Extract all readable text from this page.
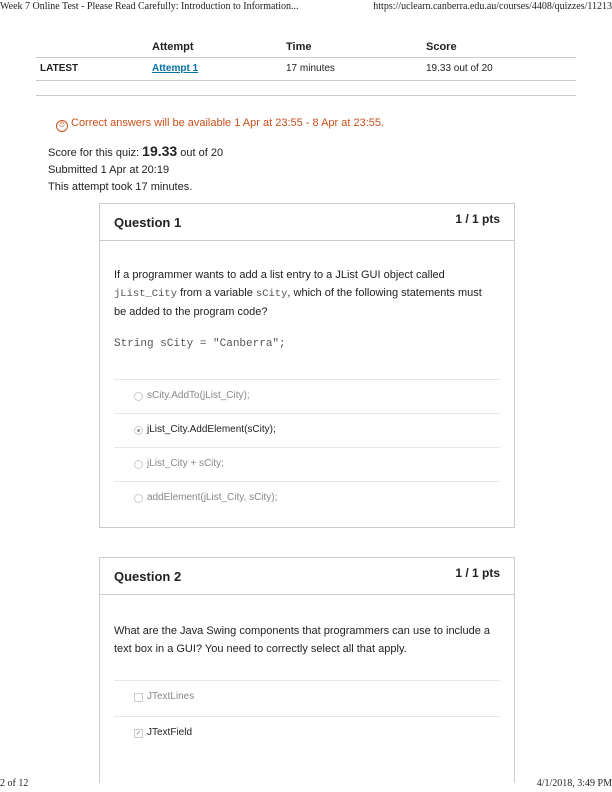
Week 7 Online Test - Please Read Carefully: Introduction to Information...	https://uclearn.canberra.edu.au/courses/4408/quizzes/11213
	Attempt	Time	Score
LATEST	Attempt 1	17 minutes	19.33 out of 20
⏱ Correct answers will be available 1 Apr at 23:55 - 8 Apr at 23:55.
Score for this quiz: 19.33 out of 20
Submitted 1 Apr at 20:19
This attempt took 17 minutes.
Question 1	1 / 1 pts
If a programmer wants to add a list entry to a JList GUI object called
jList_City from a variable sCity, which of the following statements must
be added to the program code?
String sCity = "Canberra";
sCity.AddTo(jList_City);
jList_City.AddElement(sCity);
jList_City + sCity;
addElement(jList_City, sCity);
Question 2	1 / 1 pts
What are the Java Swing components that programmers can use to include a
text box in a GUI? You need to correctly select all that apply.
JTextLines
✓ JTextField
2 of 12	4/1/2018, 3:49 PM
